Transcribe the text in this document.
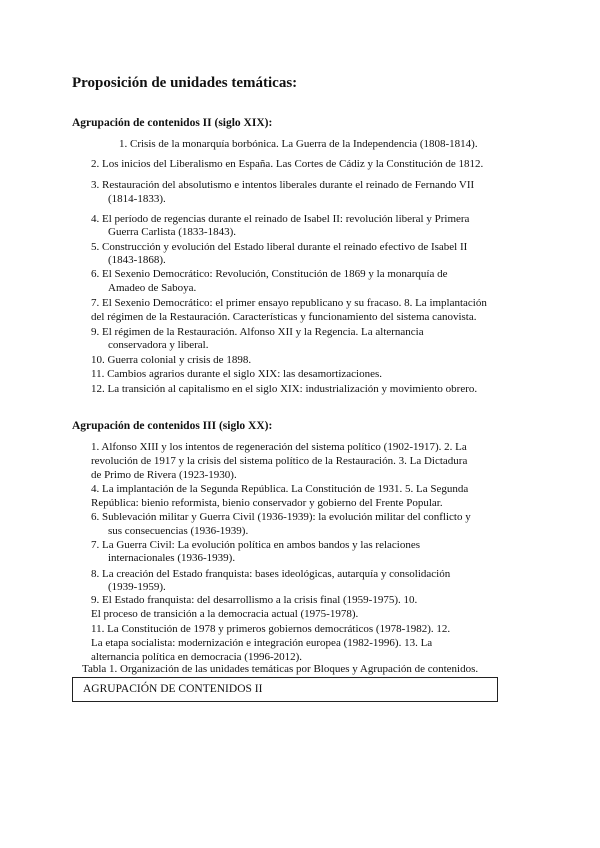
Proposición de unidades temáticas:
Agrupación de contenidos II (siglo XIX):
1. Crisis de la monarquía borbónica. La Guerra de la Independencia (1808-1814).
2. Los inicios del Liberalismo en España. Las Cortes de Cádiz y la Constitución de 1812.
3. Restauración del absolutismo e intentos liberales durante el reinado de Fernando VII
(1814-1833).
4. El período de regencias durante el reinado de Isabel II: revolución liberal y Primera
Guerra Carlista (1833-1843).
5. Construcción y evolución del Estado liberal durante el reinado efectivo de Isabel II
(1843-1868).
6. El Sexenio Democrático: Revolución, Constitución de 1869 y la monarquía de
Amadeo de Saboya.
7. El Sexenio Democrático: el primer ensayo republicano y su fracaso. 8. La implantación
del régimen de la Restauración. Características y funcionamiento del sistema canovista.
9. El régimen de la Restauración. Alfonso XII y la Regencia. La alternancia
conservadora y liberal.
10. Guerra colonial y crisis de 1898.
11. Cambios agrarios durante el siglo XIX: las desamortizaciones.
12. La transición al capitalismo en el siglo XIX: industrialización y movimiento obrero.
Agrupación de contenidos III (siglo XX):
1. Alfonso XIII y los intentos de regeneración del sistema político (1902-1917). 2. La
revolución de 1917 y la crisis del sistema político de la Restauración. 3. La Dictadura
de Primo de Rivera (1923-1930).
4. La implantación de la Segunda República. La Constitución de 1931. 5. La Segunda
República: bienio reformista, bienio conservador y gobierno del Frente Popular.
6. Sublevación militar y Guerra Civil (1936-1939): la evolución militar del conflicto y
sus consecuencias (1936-1939).
7. La Guerra Civil: La evolución política en ambos bandos y las relaciones
internacionales (1936-1939).
8. La creación del Estado franquista: bases ideológicas, autarquía y consolidación
(1939-1959).
9. El Estado franquista: del desarrollismo a la crisis final (1959-1975). 10.
El proceso de transición a la democracia actual (1975-1978).
11. La Constitución de 1978 y primeros gobiernos democráticos (1978-1982). 12.
La etapa socialista: modernización e integración europea (1982-1996). 13. La
alternancia política en democracia (1996-2012).
Tabla 1. Organización de las unidades temáticas por Bloques y Agrupación de contenidos.
AGRUPACIÓN DE CONTENIDOS II
